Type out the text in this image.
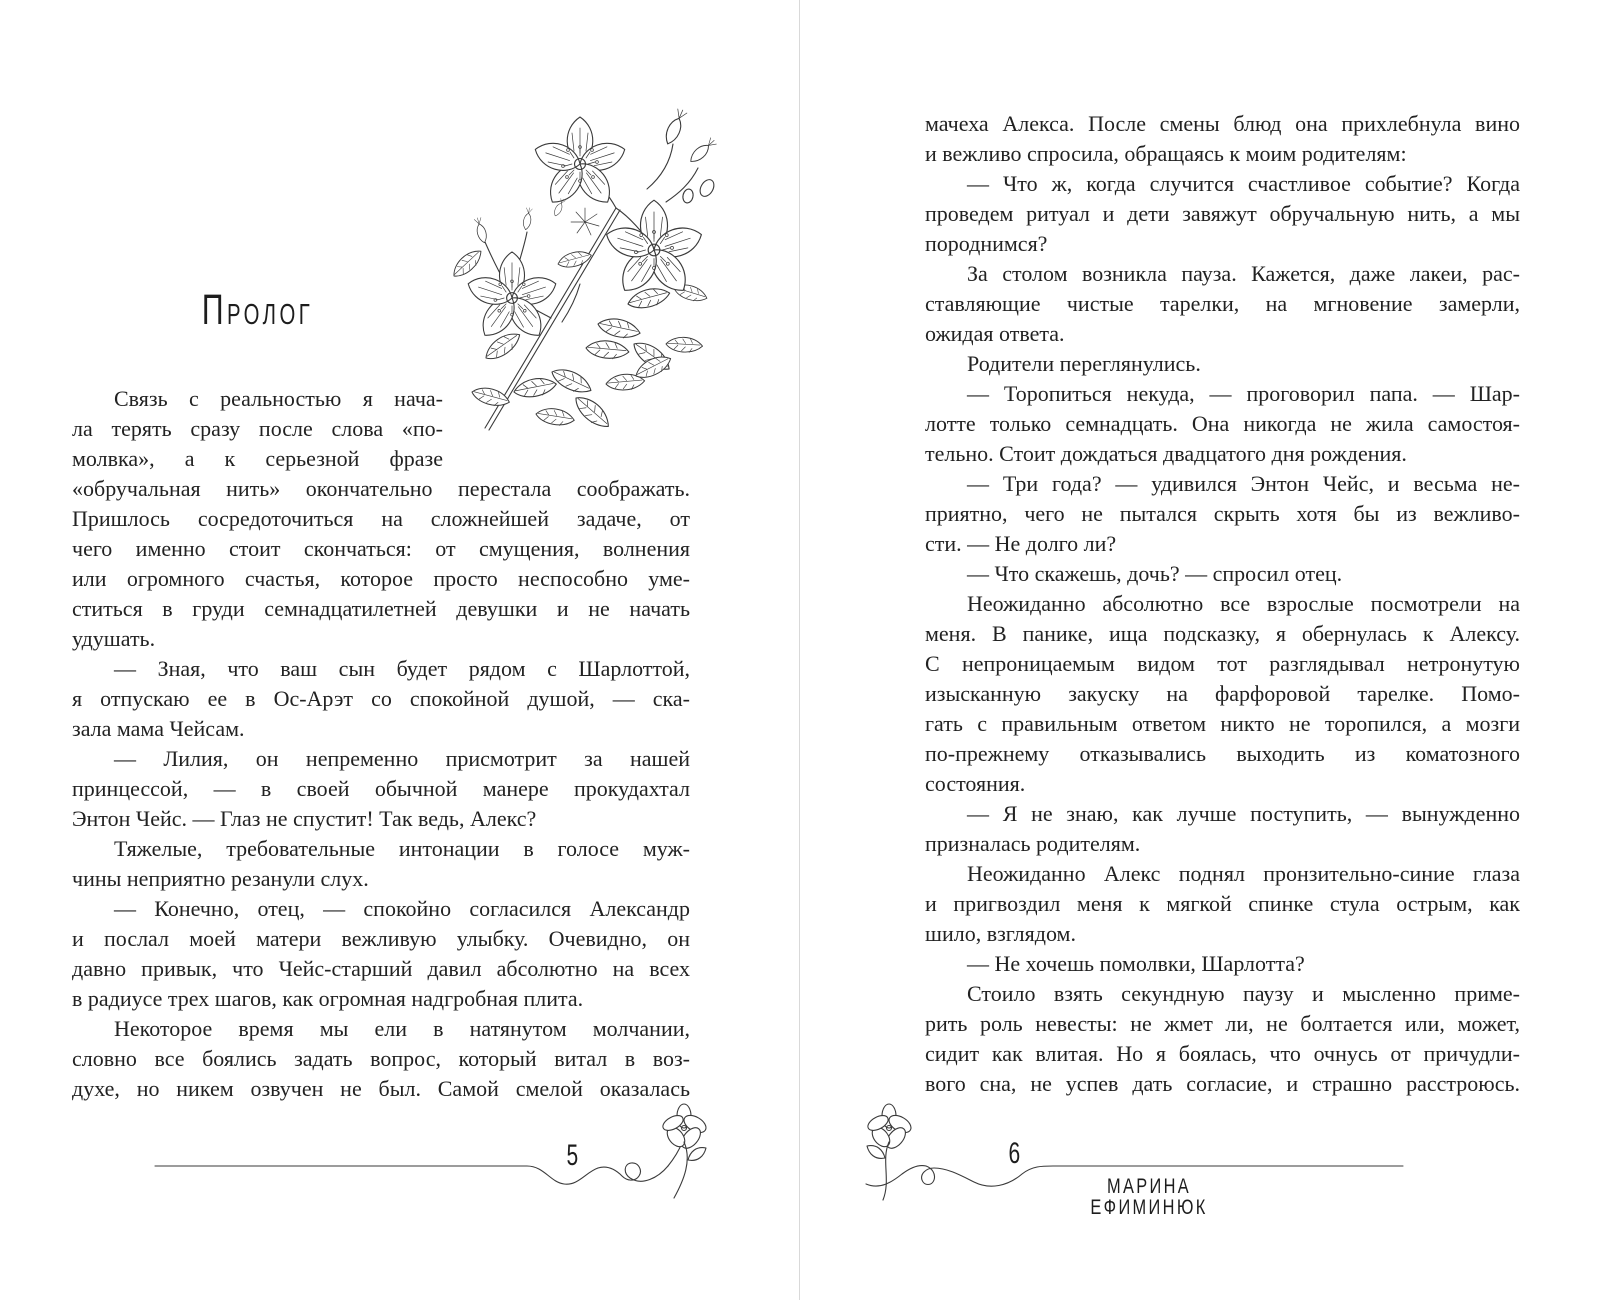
ПРОЛОГ
Связь с реальностью я нача-
ла терять сразу после слова «по-
молвка», а к серьезной фразе
«обручальная нить» окончательно перестала соображать.
Пришлось сосредоточиться на сложнейшей задаче, от
чего именно стоит скончаться: от смущения, волнения
или огромного счастья, которое просто неспособно уме-
ститься в груди семнадцатилетней девушки и не начать
удушать.
— Зная, что ваш сын будет рядом с Шарлоттой,
я отпускаю ее в Ос-Арэт со спокойной душой, — ска-
зала мама Чейсам.
— Лилия, он непременно присмотрит за нашей
принцессой, — в своей обычной манере прокудахтал
Энтон Чейс. — Глаз не спустит! Так ведь, Алекс?
Тяжелые, требовательные интонации в голосе муж-
чины неприятно резанули слух.
— Конечно, отец, — спокойно согласился Александр
и послал моей матери вежливую улыбку. Очевидно, он
давно привык, что Чейс-старший давил абсолютно на всех
в радиусе трех шагов, как огромная надгробная плита.
Некоторое время мы ели в натянутом молчании,
словно все боялись задать вопрос, который витал в воз-
духе, но никем озвучен не был. Самой смелой оказалась
5
мачеха Алекса. После смены блюд она прихлебнула вино
и вежливо спросила, обращаясь к моим родителям:
— Что ж, когда случится счастливое событие? Когда
проведем ритуал и дети завяжут обручальную нить, а мы
породнимся?
За столом возникла пауза. Кажется, даже лакеи, рас-
ставляющие чистые тарелки, на мгновение замерли,
ожидая ответа.
Родители переглянулись.
— Торопиться некуда, — проговорил папа. — Шар-
лотте только семнадцать. Она никогда не жила самостоя-
тельно. Стоит дождаться двадцатого дня рождения.
— Три года? — удивился Энтон Чейс, и весьма не-
приятно, чего не пытался скрыть хотя бы из вежливо-
сти. — Не долго ли?
— Что скажешь, дочь? — спросил отец.
Неожиданно абсолютно все взрослые посмотрели на
меня. В панике, ища подсказку, я обернулась к Алексу.
С непроницаемым видом тот разглядывал нетронутую
изысканную закуску на фарфоровой тарелке. Помо-
гать с правильным ответом никто не торопился, а мозги
по-прежнему отказывались выходить из коматозного
состояния.
— Я не знаю, как лучше поступить, — вынужденно
призналась родителям.
Неожиданно Алекс поднял пронзительно-синие глаза
и пригвоздил меня к мягкой спинке стула острым, как
шило, взглядом.
— Не хочешь помолвки, Шарлотта?
Стоило взять секундную паузу и мысленно приме-
рить роль невесты: не жмет ли, не болтается или, может,
сидит как влитая. Но я боялась, что очнусь от причудли-
вого сна, не успев дать согласие, и страшно расстроюсь.
6
МАРИНА ЕФИМИНЮК
